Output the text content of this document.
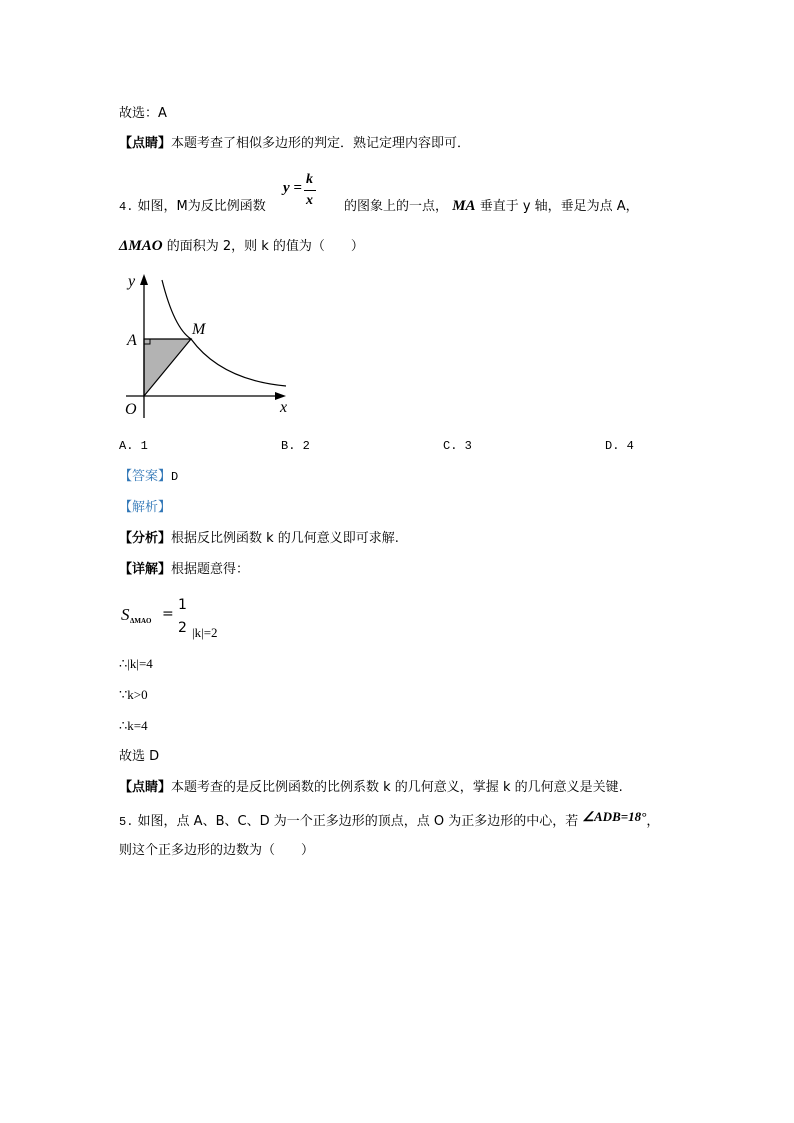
故选：A
【点睛】本题考查了相似多边形的判定．熟记定理内容即可．
4. 如图，M为反比例函数	的图象上的一点， MA 垂直于 y 轴，垂足为点 A，
y =
k
x
ΔMAO 的面积为 2，则 k 的值为（　　）
y
x
A
M
O
A. 1	B. 2	C. 3	D. 4
【答案】D
【解析】
【分析】根据反比例函数 k 的几何意义即可求解.
【详解】根据题意得：
S ΔMAO =
1
2 |k|=2
∴|k|=4
∵k>0
∴k=4
故选 D
【点睛】本题考查的是反比例函数的比例系数 k 的几何意义，掌握 k 的几何意义是关键.
5. 如图，点 A、B、C、D 为一个正多边形的顶点，点 O 为正多边形的中心，若 ∠ADB=18°，
则这个正多边形的边数为（　　）
